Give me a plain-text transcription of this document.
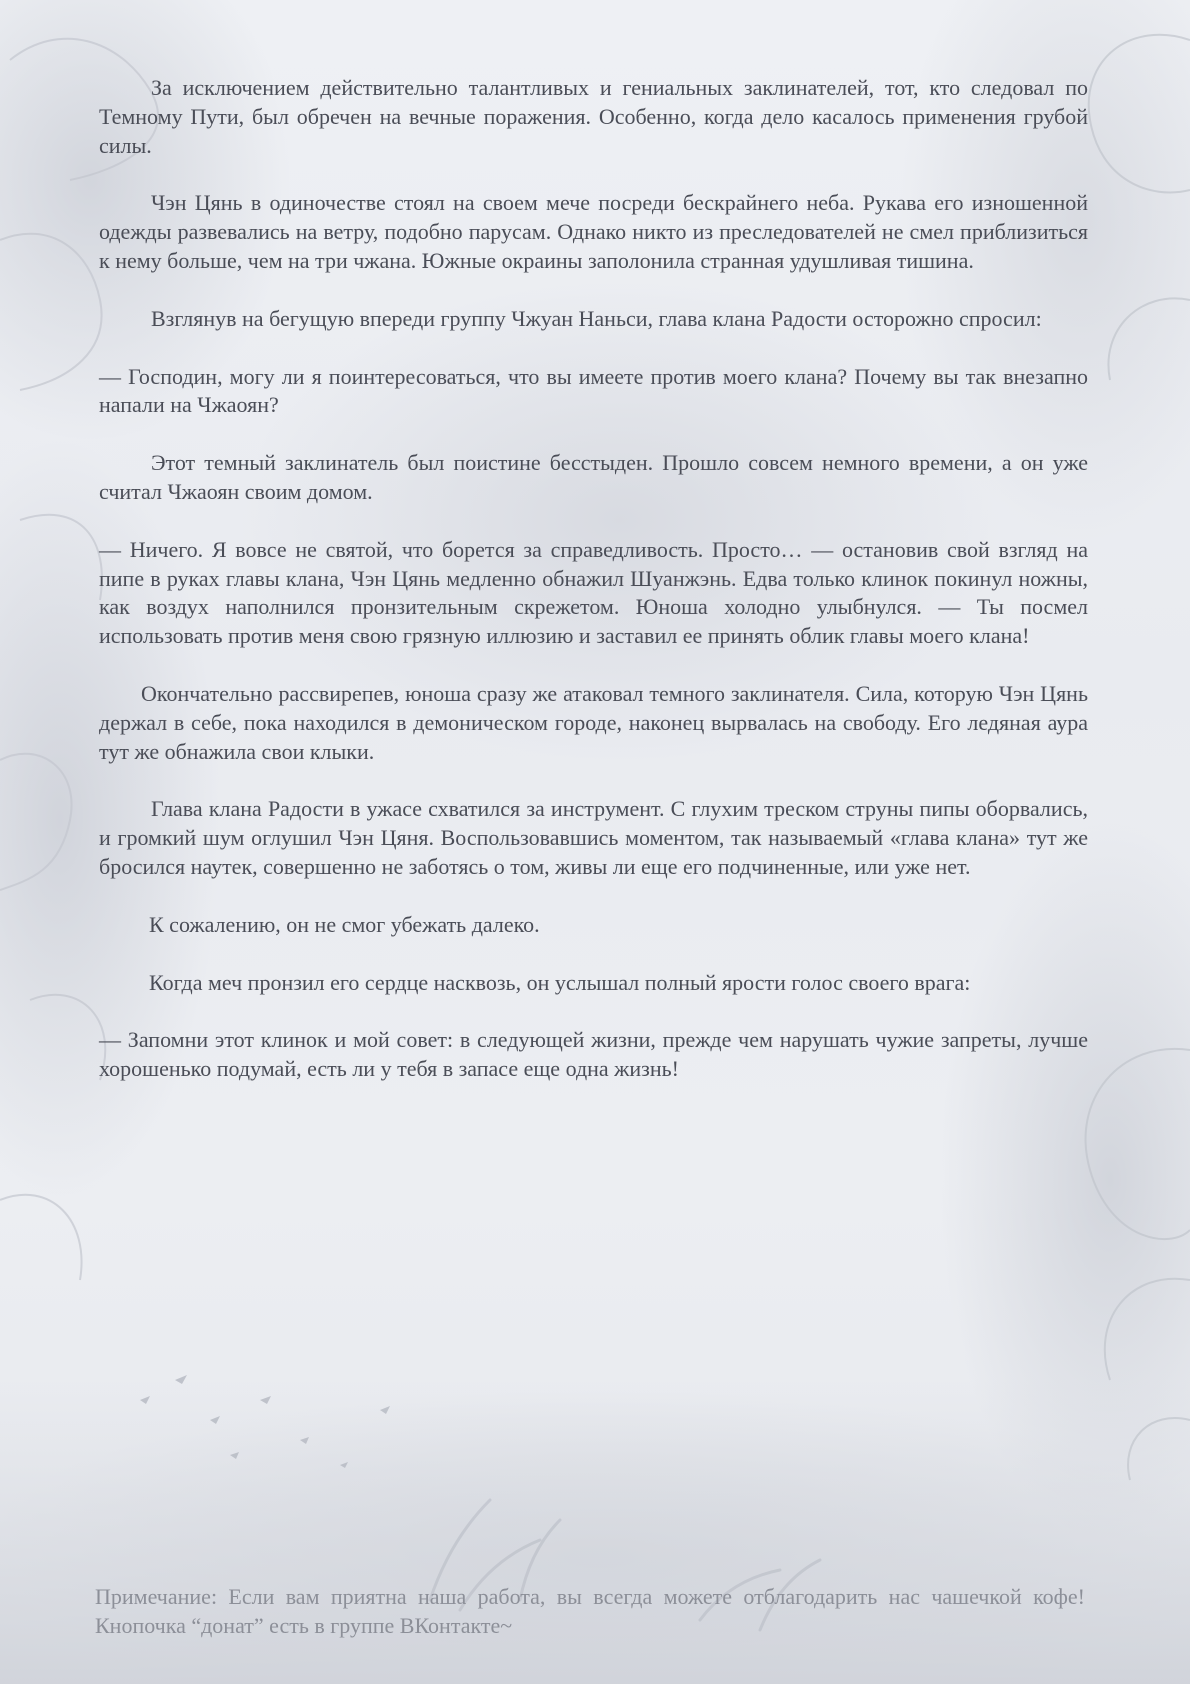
За исключением действительно талантливых и гениальных заклинателей, тот, кто следовал по Темному Пути, был обречен на вечные поражения. Особенно, когда дело касалось применения грубой силы.

Чэн Цянь в одиночестве стоял на своем мече посреди бескрайнего неба. Рукава его изношенной одежды развевались на ветру, подобно парусам. Однако никто из преследователей не смел приблизиться к нему больше, чем на три чжана. Южные окраины заполонила странная удушливая тишина.

Взглянув на бегущую впереди группу Чжуан Наньси, глава клана Радости осторожно спросил:

— Господин, могу ли я поинтересоваться, что вы имеете против моего клана? Почему вы так внезапно напали на Чжаоян?

Этот темный заклинатель был поистине бесстыден. Прошло совсем немного времени, а он уже считал Чжаоян своим домом.

— Ничего. Я вовсе не святой, что борется за справедливость. Просто… — остановив свой взгляд на пипе в руках главы клана, Чэн Цянь медленно обнажил Шуанжэнь. Едва только клинок покинул ножны, как воздух наполнился пронзительным скрежетом. Юноша холодно улыбнулся. — Ты посмел использовать против меня свою грязную иллюзию и заставил ее принять облик главы моего клана!

Окончательно рассвирепев, юноша сразу же атаковал темного заклинателя. Сила, которую Чэн Цянь держал в себе, пока находился в демоническом городе, наконец вырвалась на свободу. Его ледяная аура тут же обнажила свои клыки.

Глава клана Радости в ужасе схватился за инструмент. С глухим треском струны пипы оборвались, и громкий шум оглушил Чэн Цяня. Воспользовавшись моментом, так называемый «глава клана» тут же бросился наутек, совершенно не заботясь о том, живы ли еще его подчиненные, или уже нет.

К сожалению, он не смог убежать далеко.

Когда меч пронзил его сердце насквозь, он услышал полный ярости голос своего врага:

— Запомни этот клинок и мой совет: в следующей жизни, прежде чем нарушать чужие запреты, лучше хорошенько подумай, есть ли у тебя в запасе еще одна жизнь!

Примечание: Если вам приятна наша работа, вы всегда можете отблагодарить нас чашечкой кофе! Кнопочка “донат” есть в группе ВКонтакте~
